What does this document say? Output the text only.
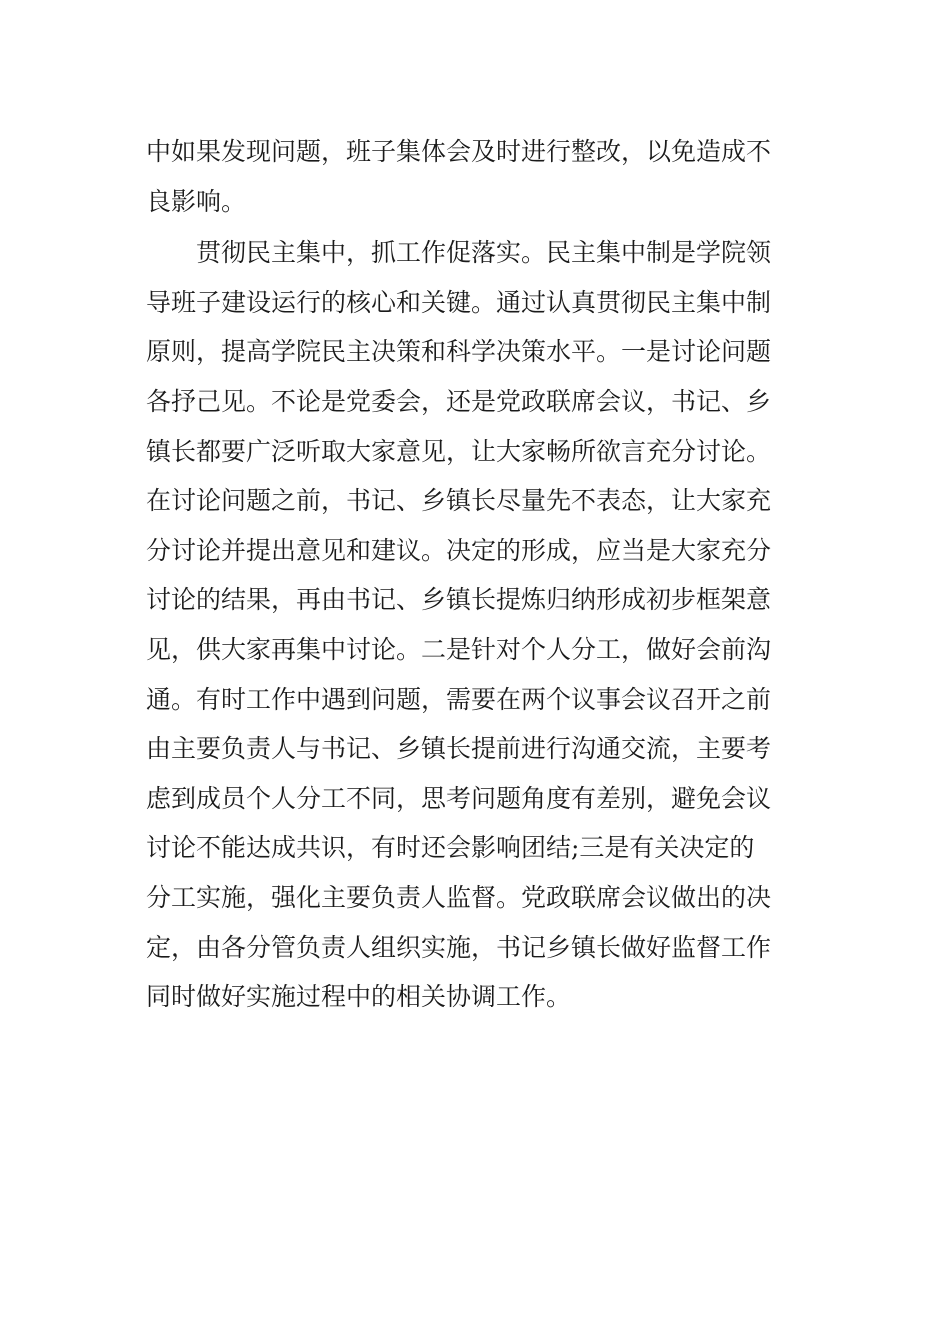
中如果发现问题，班子集体会及时进行整改，以免造成不
良影响。
　　贯彻民主集中，抓工作促落实。民主集中制是学院领
导班子建设运行的核心和关键。通过认真贯彻民主集中制
原则，提高学院民主决策和科学决策水平。一是讨论问题
各抒己见。不论是党委会，还是党政联席会议，书记、乡
镇长都要广泛听取大家意见，让大家畅所欲言充分讨论。
在讨论问题之前，书记、乡镇长尽量先不表态，让大家充
分讨论并提出意见和建议。决定的形成，应当是大家充分
讨论的结果，再由书记、乡镇长提炼归纳形成初步框架意
见，供大家再集中讨论。二是针对个人分工，做好会前沟
通。有时工作中遇到问题，需要在两个议事会议召开之前
由主要负责人与书记、乡镇长提前进行沟通交流，主要考
虑到成员个人分工不同，思考问题角度有差别，避免会议
讨论不能达成共识，有时还会影响团结;三是有关决定的
分工实施，强化主要负责人监督。党政联席会议做出的决
定，由各分管负责人组织实施，书记乡镇长做好监督工作
同时做好实施过程中的相关协调工作。
